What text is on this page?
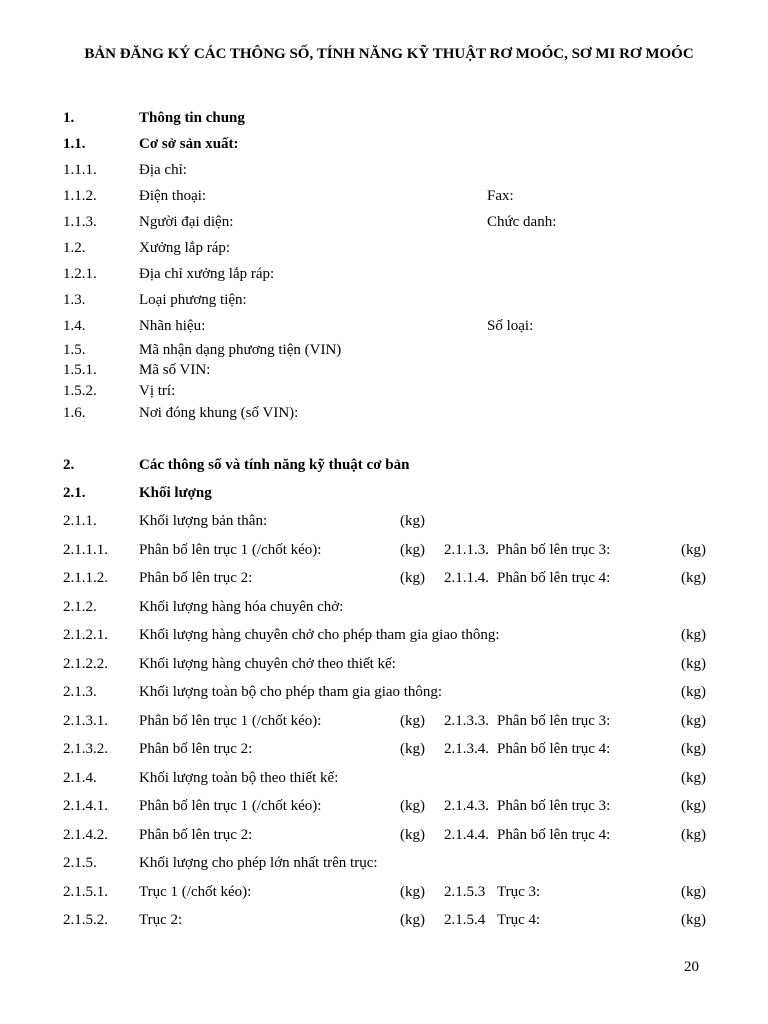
BẢN ĐĂNG KÝ CÁC THÔNG SỐ, TÍNH NĂNG KỸ THUẬT RƠ MOÓC, SƠ MI RƠ MOÓC
1.	Thông tin chung
1.1.	Cơ sở sản xuất:
1.1.1.	Địa chỉ:
1.1.2.	Điện thoại:	Fax:
1.1.3.	Người đại diện:	Chức danh:
1.2.	Xưởng lắp ráp:
1.2.1.	Địa chỉ xưởng lắp ráp:
1.3.	Loại phương tiện:
1.4.	Nhãn hiệu:	Số loại:
1.5.	Mã nhận dạng phương tiện (VIN)
1.5.1.	Mã số VIN:
1.5.2.	Vị trí:
1.6.	Nơi đóng khung (số VIN):
2.	Các thông số và tính năng kỹ thuật cơ bản
2.1.	Khối lượng
2.1.1.	Khối lượng bản thân:	(kg)
2.1.1.1. Phân bố lên trục 1 (/chốt kéo):	(kg) 2.1.1.3. Phân bố lên trục 3:	(kg)
2.1.1.2. Phân bố lên trục 2:	(kg) 2.1.1.4. Phân bố lên trục 4:	(kg)
2.1.2.	Khối lượng hàng hóa chuyên chở:
2.1.2.1. Khối lượng hàng chuyên chở cho phép tham gia giao thông:	(kg)
2.1.2.2. Khối lượng hàng chuyên chở theo thiết kế:	(kg)
2.1.3.	Khối lượng toàn bộ cho phép tham gia giao thông:	(kg)
2.1.3.1. Phân bố lên trục 1 (/chốt kéo):	(kg) 2.1.3.3. Phân bố lên trục 3:	(kg)
2.1.3.2. Phân bố lên trục 2:	(kg) 2.1.3.4. Phân bố lên trục 4:	(kg)
2.1.4.	Khối lượng toàn bộ theo thiết kế:	(kg)
2.1.4.1. Phân bố lên trục 1 (/chốt kéo):	(kg) 2.1.4.3. Phân bố lên trục 3:	(kg)
2.1.4.2. Phân bố lên trục 2:	(kg) 2.1.4.4. Phân bố lên trục 4:	(kg)
2.1.5.	Khối lượng cho phép lớn nhất trên trục:
2.1.5.1. Trục 1 (/chốt kéo):	(kg) 2.1.5.3 Trục 3:	(kg)
2.1.5.2. Trục 2:	(kg) 2.1.5.4 Trục 4:	(kg)
20
